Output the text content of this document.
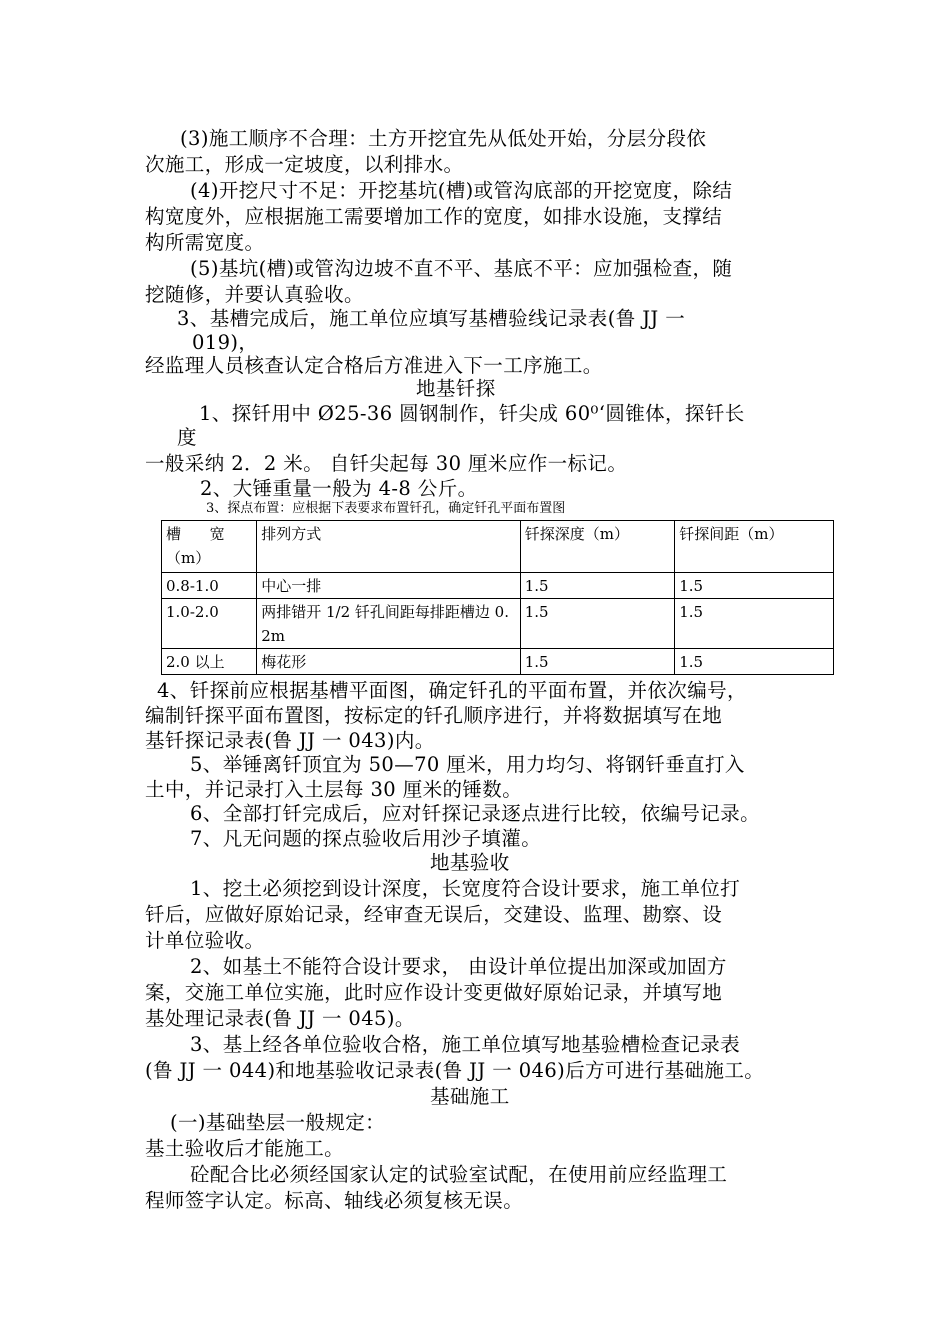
(3)施工顺序不合理：土方开挖宜先从低处开始，分层分段依
次施工，形成一定坡度，以利排水。
(4)开挖尺寸不足：开挖基坑(槽)或管沟底部的开挖宽度，除结
构宽度外，应根据施工需要增加工作的宽度，如排水设施，支撑结
构所需宽度。
(5)基坑(槽)或管沟边坡不直不平、基底不平：应加强检查，随
挖随修，并要认真验收。
3、基槽完成后，施工单位应填写基槽验线记录表(鲁 JJ 一
019)，
经监理人员核查认定合格后方准进入下一工序施工。
地基钎探
1、探钎用中 Ø25-36 圆钢制作，钎尖成 60⁰‘圆锥体，探钎长
度
一般采纳 2．2 米。 自钎尖起每 30 厘米应作一标记。
2、大锤重量一般为 4-8 公斤。
3、探点布置：应根据下表要求布置钎孔，确定钎孔平面布置图
槽      宽
（m）	排列方式	钎探深度（m）	钎探间距（m）
0.8-1.0	中心一排	1.5	1.5
1.0-2.0	两排错开 1/2 钎孔间距每排距槽边 0.2m	1.5	1.5
2.0 以上	梅花形	1.5	1.5
4、钎探前应根据基槽平面图，确定钎孔的平面布置，并依次编号，
编制钎探平面布置图，按标定的钎孔顺序进行，并将数据填写在地
基钎探记录表(鲁 JJ 一 043)内。
5、举锤离钎顶宜为 50—70 厘米，用力均匀、将钢钎垂直打入
土中，并记录打入土层每 30 厘米的锤数。
6、全部打钎完成后，应对钎探记录逐点进行比较，依编号记录。
7、凡无问题的探点验收后用沙子填灌。
地基验收
1、挖土必须挖到设计深度，长宽度符合设计要求，施工单位打
钎后，应做好原始记录，经审查无误后，交建设、监理、勘察、设
计单位验收。
2、如基土不能符合设计要求， 由设计单位提出加深或加固方
案，交施工单位实施，此时应作设计变更做好原始记录，并填写地
基处理记录表(鲁 JJ 一 045)。
3、基上经各单位验收合格，施工单位填写地基验槽检查记录表
(鲁 JJ 一 044)和地基验收记录表(鲁 JJ 一 046)后方可进行基础施工。
基础施工
(一)基础垫层一般规定：
基土验收后才能施工。
砼配合比必须经国家认定的试验室试配，在使用前应经监理工
程师签字认定。标高、轴线必须复核无误。
